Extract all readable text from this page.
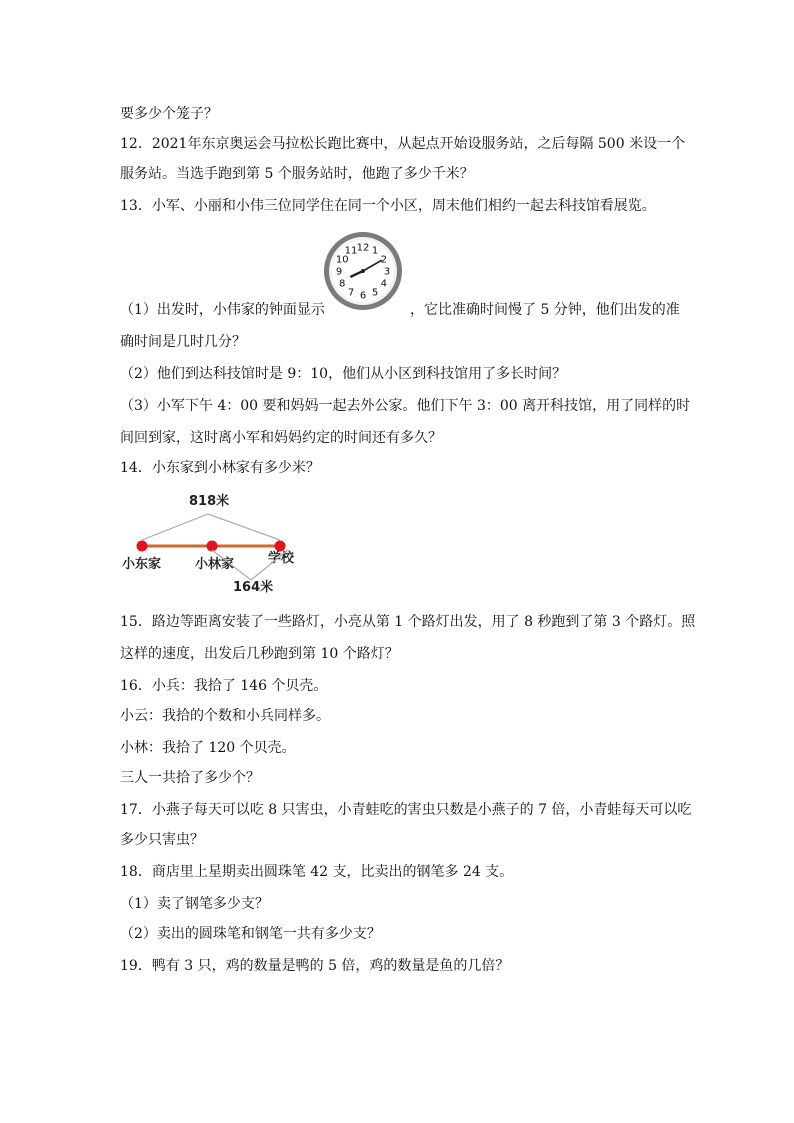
要多少个笼子？
12．2021年东京奥运会马拉松长跑比赛中，从起点开始设服务站，之后每隔 500 米设一个
服务站。当选手跑到第 5 个服务站时，他跑了多少千米？
13．小军、小丽和小伟三位同学住在同一个小区，周末他们相约一起去科技馆看展览。
（1）出发时，小伟家的钟面显示	，它比准确时间慢了 5 分钟，他们出发的准
12 1
2
3
4
5
6
7
8
9
10
11
确时间是几时几分？
（2）他们到达科技馆时是 9：10，他们从小区到科技馆用了多长时间？
（3）小军下午 4：00 要和妈妈一起去外公家。他们下午 3：00 离开科技馆，用了同样的时
间回到家，这时离小军和妈妈约定的时间还有多久？
14．小东家到小林家有多少米？
818米
小东家	小林家	学校
164米
15．路边等距离安装了一些路灯，小亮从第 1 个路灯出发，用了 8 秒跑到了第 3 个路灯。照
这样的速度，出发后几秒跑到第 10 个路灯？
16．小兵：我拾了 146 个贝壳。
小云：我拾的个数和小兵同样多。
小林：我拾了 120 个贝壳。
三人一共拾了多少个？
17．小燕子每天可以吃 8 只害虫，小青蛙吃的害虫只数是小燕子的 7 倍，小青蛙每天可以吃
多少只害虫？
18．商店里上星期卖出圆珠笔 42 支，比卖出的钢笔多 24 支。
（1）卖了钢笔多少支？
（2）卖出的圆珠笔和钢笔一共有多少支？
19．鸭有 3 只，鸡的数量是鸭的 5 倍，鸡的数量是鱼的几倍？
